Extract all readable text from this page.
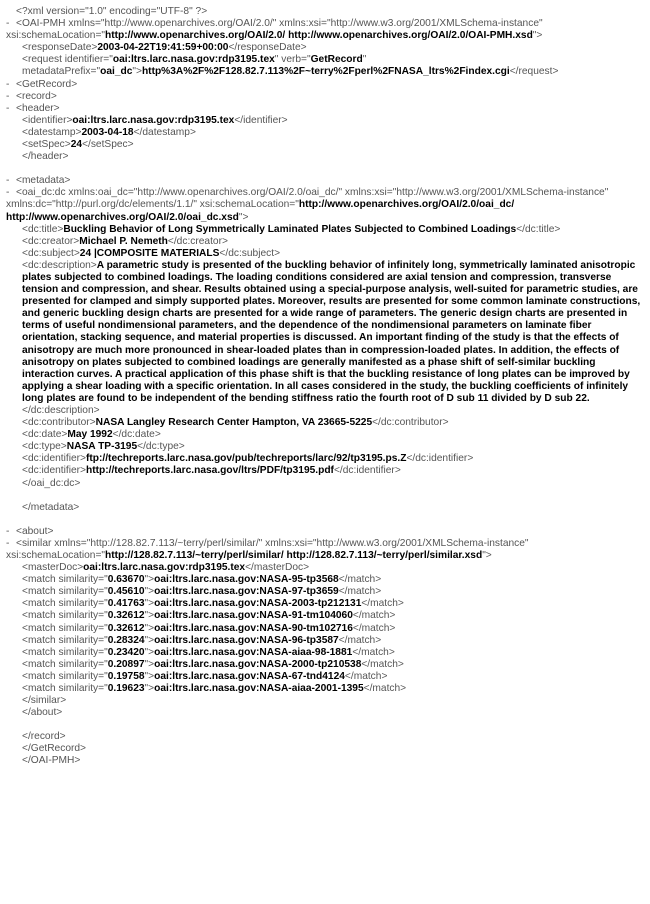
<?xml version="1.0" encoding="UTF-8" ?>
- <OAI-PMH xmlns="http://www.openarchives.org/OAI/2.0/" xmlns:xsi="http://www.w3.org/2001/XMLSchema-instance" xsi:schemaLocation="http://www.openarchives.org/OAI/2.0/ http://www.openarchives.org/OAI/2.0/OAI-PMH.xsd">
<responseDate>2003-04-22T19:41:59+00:00</responseDate>
<request identifier="oai:ltrs.larc.nasa.gov:rdp3195.tex" verb="GetRecord" metadataPrefix="oai_dc">http%3A%2F%2F128.82.7.113%2F~terry%2Fperl%2FNASA_ltrs%2Findex.cgi</request>
- <GetRecord>
- <record>
- <header>
<identifier>oai:ltrs.larc.nasa.gov:rdp3195.tex</identifier>
<datestamp>2003-04-18</datestamp>
<setSpec>24</setSpec>
</header>
- <metadata>
- <oai_dc:dc xmlns:oai_dc="http://www.openarchives.org/OAI/2.0/oai_dc/" xmlns:xsi="http://www.w3.org/2001/XMLSchema-instance" xmlns:dc="http://purl.org/dc/elements/1.1/" xsi:schemaLocation="http://www.openarchives.org/OAI/2.0/oai_dc/ http://www.openarchives.org/OAI/2.0/oai_dc.xsd">
<dc:title>Buckling Behavior of Long Symmetrically Laminated Plates Subjected to Combined Loadings</dc:title>
<dc:creator>Michael P. Nemeth</dc:creator>
<dc:subject>24 |COMPOSITE MATERIALS</dc:subject>
<dc:description>A parametric study is presented of the buckling behavior of infinitely long, symmetrically laminated anisotropic plates subjected to combined loadings. The loading conditions considered are axial tension and compression, transverse tension and compression, and shear. Results obtained using a special-purpose analysis, well-suited for parametric studies, are presented for clamped and simply supported plates. Moreover, results are presented for some common laminate constructions, and generic buckling design charts are presented for a wide range of parameters. The generic design charts are presented in terms of useful nondimensional parameters, and the dependence of the nondimensional parameters on laminate fiber orientation, stacking sequence, and material properties is discussed. An important finding of the study is that the effects of anisotropy are much more pronounced in shear-loaded plates than in compression-loaded plates. In addition, the effects of anisotropy on plates subjected to combined loadings are generally manifested as a phase shift of self-similar buckling interaction curves. A practical application of this phase shift is that the buckling resistance of long plates can be improved by applying a shear loading with a specific orientation. In all cases considered in the study, the buckling coefficients of infinitely long plates are found to be independent of the bending stiffness ratio the fourth root of D sub 11 divided by D sub 22.</dc:description>
<dc:contributor>NASA Langley Research Center Hampton, VA 23665-5225</dc:contributor>
<dc:date>May 1992</dc:date>
<dc:type>NASA TP-3195</dc:type>
<dc:identifier>ftp://techreports.larc.nasa.gov/pub/techreports/larc/92/tp3195.ps.Z</dc:identifier>
<dc:identifier>http://techreports.larc.nasa.gov/ltrs/PDF/tp3195.pdf</dc:identifier>
</oai_dc:dc>
</metadata>
- <about>
- <similar xmlns="http://128.82.7.113/~terry/perl/similar/" xmlns:xsi="http://www.w3.org/2001/XMLSchema-instance" xsi:schemaLocation="http://128.82.7.113/~terry/perl/similar/ http://128.82.7.113/~terry/perl/similar.xsd">
<masterDoc>oai:ltrs.larc.nasa.gov:rdp3195.tex</masterDoc>
<match similarity="0.63670">oai:ltrs.larc.nasa.gov:NASA-95-tp3568</match>
<match similarity="0.45610">oai:ltrs.larc.nasa.gov:NASA-97-tp3659</match>
<match similarity="0.41763">oai:ltrs.larc.nasa.gov:NASA-2003-tp212131</match>
<match similarity="0.32612">oai:ltrs.larc.nasa.gov:NASA-91-tm104060</match>
<match similarity="0.32612">oai:ltrs.larc.nasa.gov:NASA-90-tm102716</match>
<match similarity="0.28324">oai:ltrs.larc.nasa.gov:NASA-96-tp3587</match>
<match similarity="0.23420">oai:ltrs.larc.nasa.gov:NASA-aiaa-98-1881</match>
<match similarity="0.20897">oai:ltrs.larc.nasa.gov:NASA-2000-tp210538</match>
<match similarity="0.19758">oai:ltrs.larc.nasa.gov:NASA-67-tnd4124</match>
<match similarity="0.19623">oai:ltrs.larc.nasa.gov:NASA-aiaa-2001-1395</match>
</similar>
</about>
</record>
</GetRecord>
</OAI-PMH>
